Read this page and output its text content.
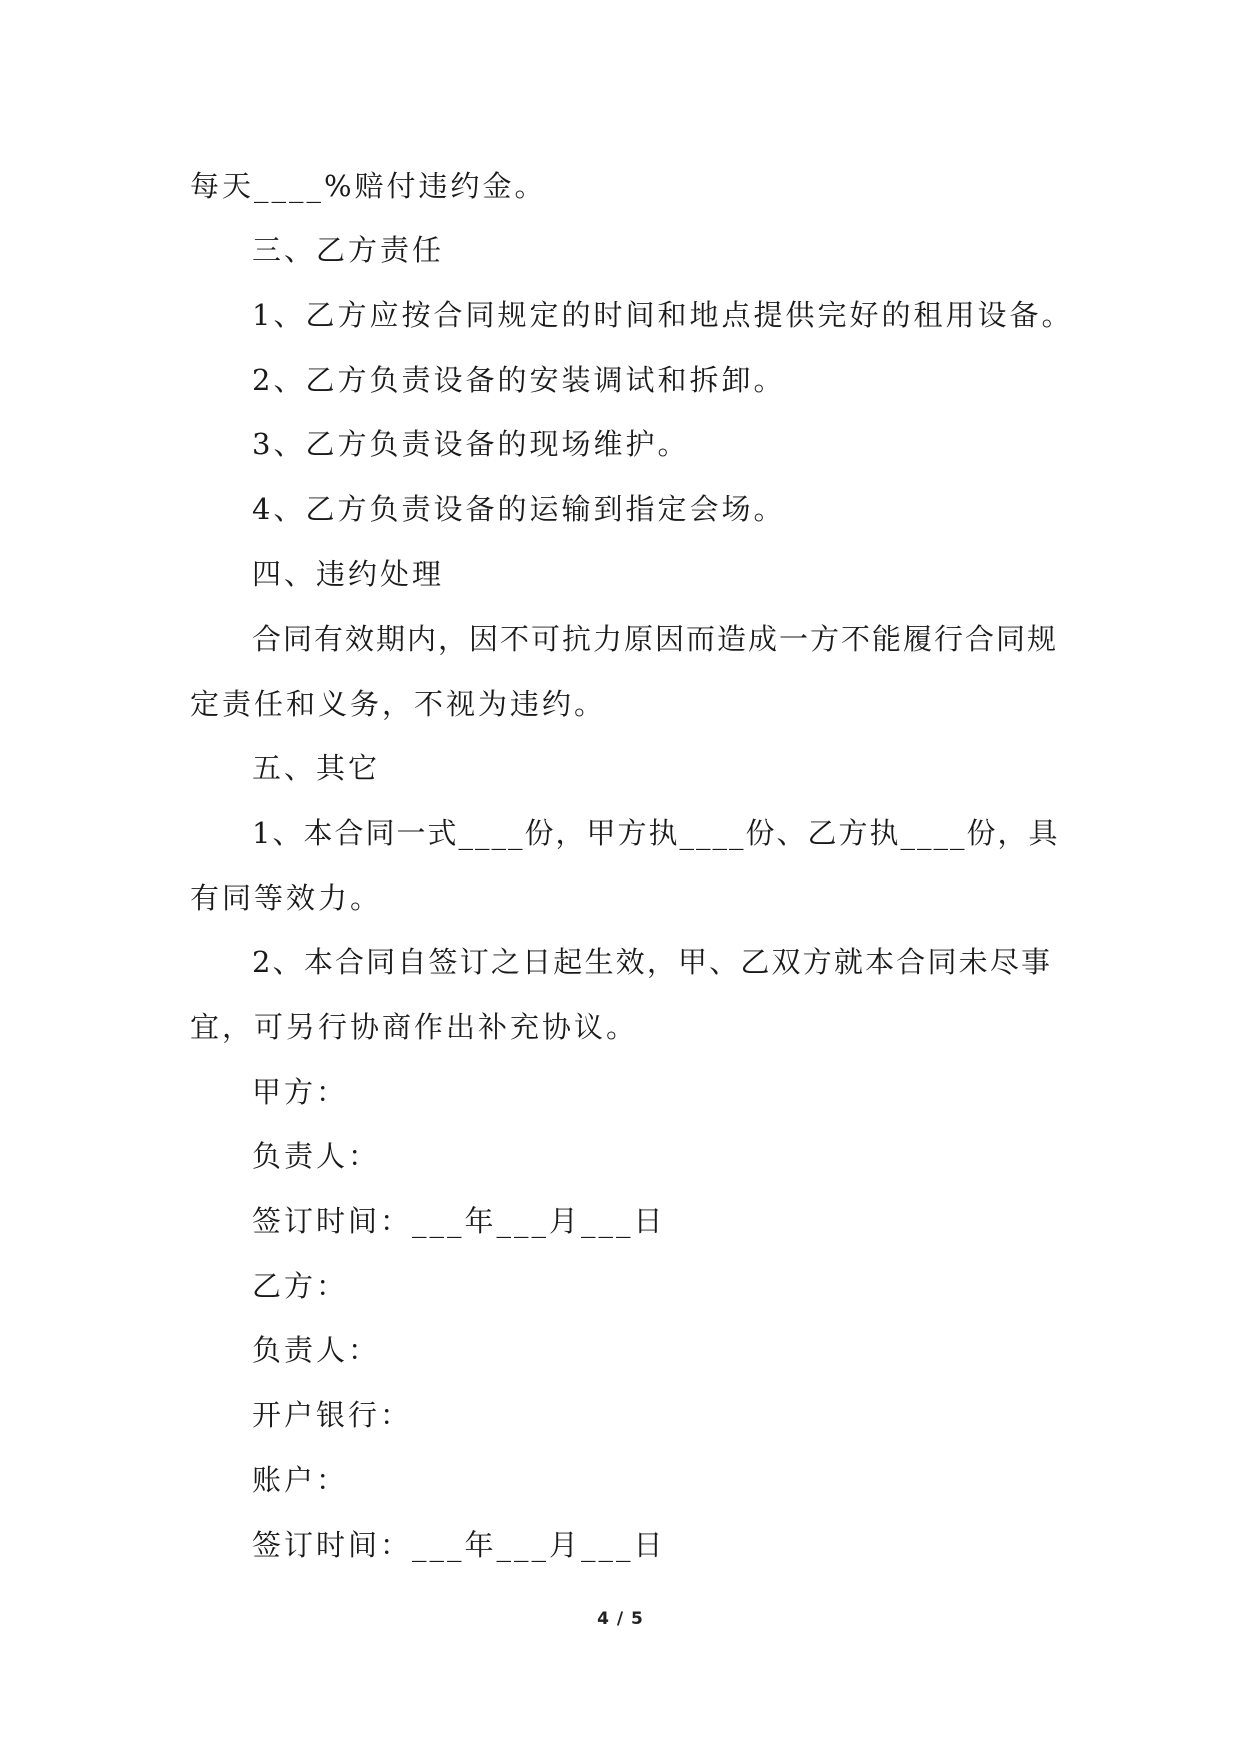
每天____%赔付违约金。
三、乙方责任
1、乙方应按合同规定的时间和地点提供完好的租用设备。
2、乙方负责设备的安装调试和拆卸。
3、乙方负责设备的现场维护。
4、乙方负责设备的运输到指定会场。
四、违约处理
合同有效期内，因不可抗力原因而造成一方不能履行合同规
定责任和义务，不视为违约。
五、其它
1、本合同一式____份，甲方执____份、乙方执____份，具
有同等效力。
2、本合同自签订之日起生效，甲、乙双方就本合同未尽事
宜，可另行协商作出补充协议。
甲方：
负责人：
签订时间：___年___月___日
乙方：
负责人：
开户银行：
账户：
签订时间：___年___月___日
4 / 5
